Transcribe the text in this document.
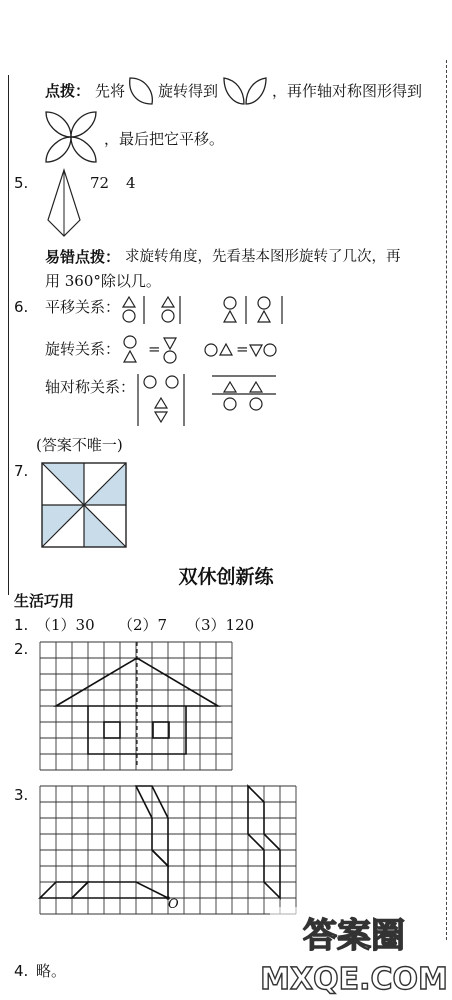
点拨： 先将 旋转得到	，再作轴对称图形得到
，最后把它平移。
5.	72 4
易错点拨： 求旋转角度，先看基本图形旋转了几次，再
用 360°除以几。
6. 平移关系：
旋转关系： =	=
轴对称关系：
(答案不唯一)
7.
双休创新练
生活巧用
1. （1）30 （2）7 （3）120
2.
3.
O
4. 略。
答案圈
MXQE.COM
